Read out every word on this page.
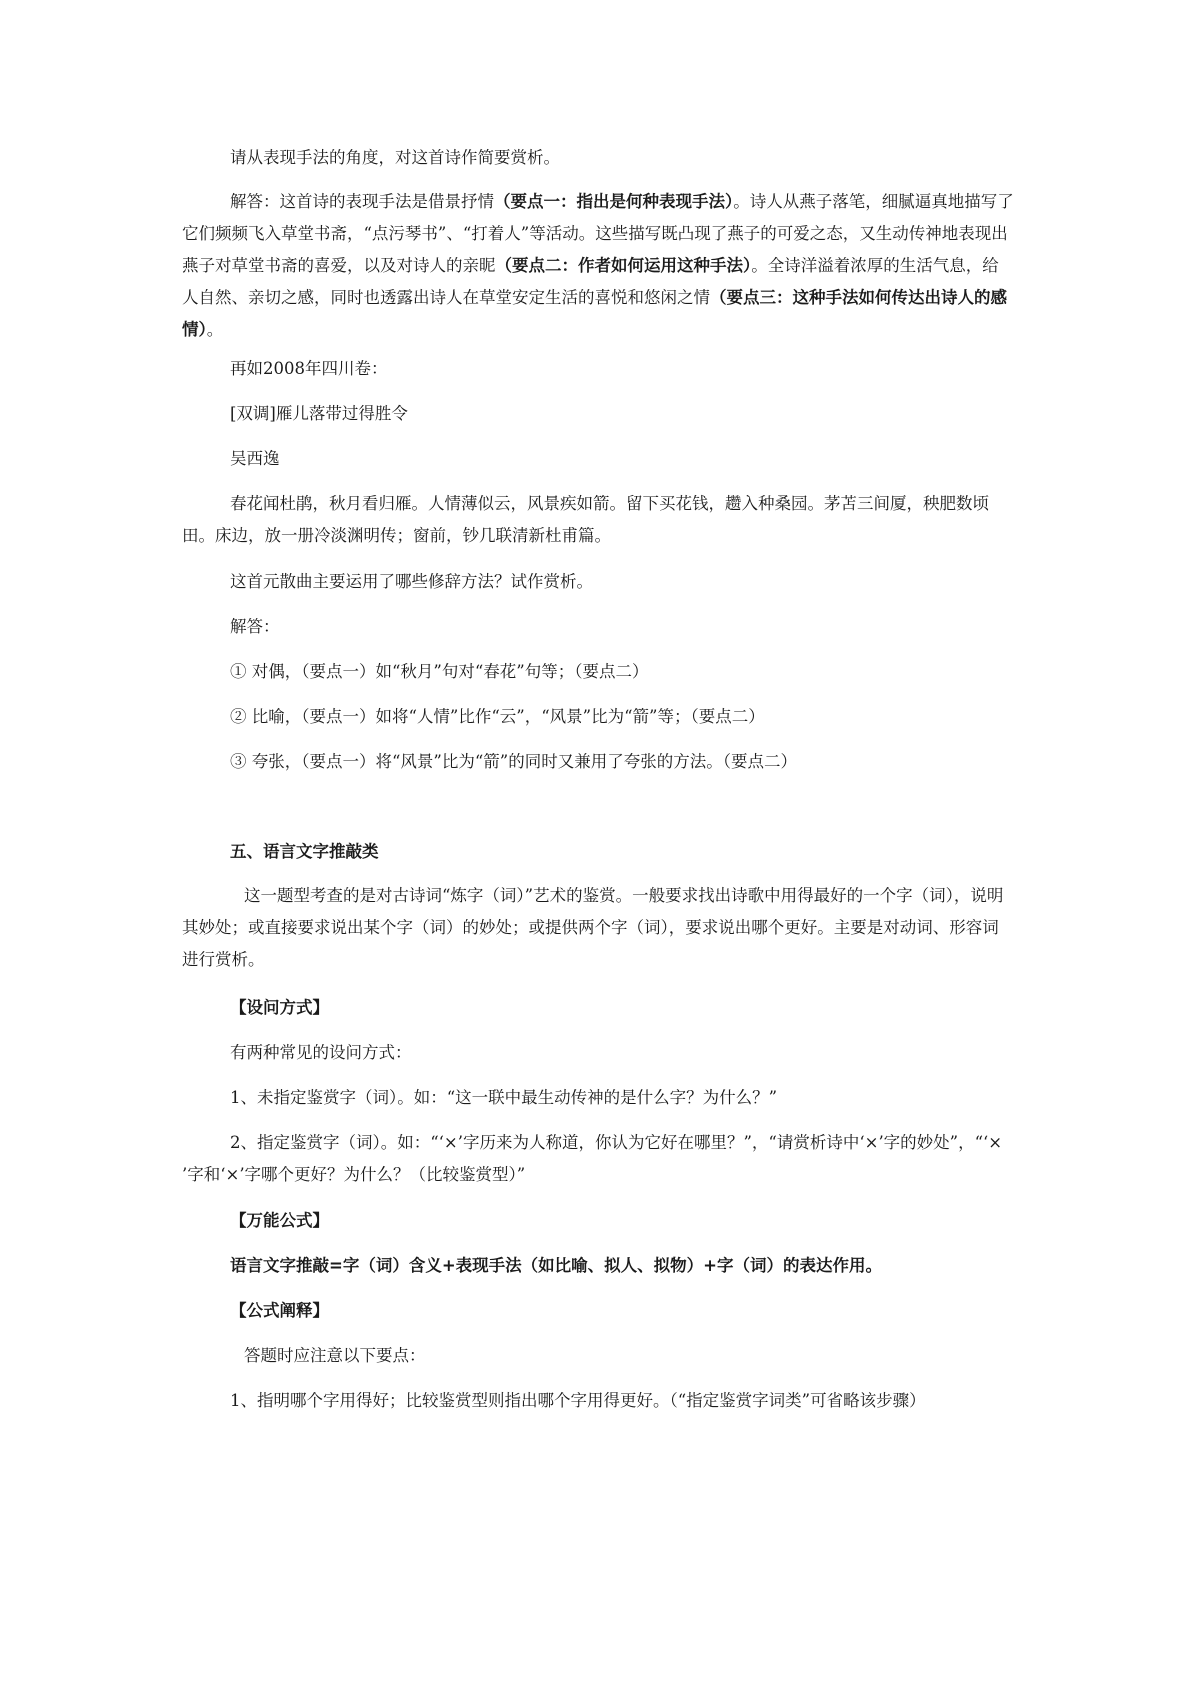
请从表现手法的角度，对这首诗作简要赏析。

解答：这首诗的表现手法是借景抒情（要点一：指出是何种表现手法）。诗人从燕子落笔，细腻逼真地描写了它们频频飞入草堂书斋，“点污琴书”、“打着人”等活动。这些描写既凸现了燕子的可爱之态，又生动传神地表现出燕子对草堂书斋的喜爱，以及对诗人的亲昵（要点二：作者如何运用这种手法）。全诗洋溢着浓厚的生活气息，给人自然、亲切之感，同时也透露出诗人在草堂安定生活的喜悦和悠闲之情（要点三：这种手法如何传达出诗人的感情）。

再如2008年四川卷：

[双调]雁儿落带过得胜令

吴西逸

春花闻杜鹃，秋月看归雁。人情薄似云，风景疾如箭。留下买花钱，趱入种桑园。茅苫三间厦，秧肥数顷田。床边，放一册冷淡渊明传；窗前，钞几联清新杜甫篇。

这首元散曲主要运用了哪些修辞方法？试作赏析。

解答：

① 对偶，（要点一）如“秋月”句对“春花”句等；（要点二）

② 比喻，（要点一）如将“人情”比作“云”，“风景”比为“箭”等；（要点二）

③ 夸张，（要点一）将“风景”比为“箭”的同时又兼用了夸张的方法。（要点二）

五、语言文字推敲类

这一题型考查的是对古诗词“炼字（词）”艺术的鉴赏。一般要求找出诗歌中用得最好的一个字（词），说明其妙处；或直接要求说出某个字（词）的妙处；或提供两个字（词），要求说出哪个更好。主要是对动词、形容词进行赏析。

【设问方式】

有两种常见的设问方式：

1、未指定鉴赏字（词）。如：“这一联中最生动传神的是什么字？为什么？”

2、指定鉴赏字（词）。如：“‘×’字历来为人称道，你认为它好在哪里？”，“请赏析诗中‘×’字的妙处”，“‘× ’字和‘×’字哪个更好？为什么？（比较鉴赏型）”

【万能公式】

语言文字推敲=字（词）含义+表现手法（如比喻、拟人、拟物）+字（词）的表达作用。

【公式阐释】

答题时应注意以下要点：

1、指明哪个字用得好；比较鉴赏型则指出哪个字用得更好。（“指定鉴赏字词类”可省略该步骤）
